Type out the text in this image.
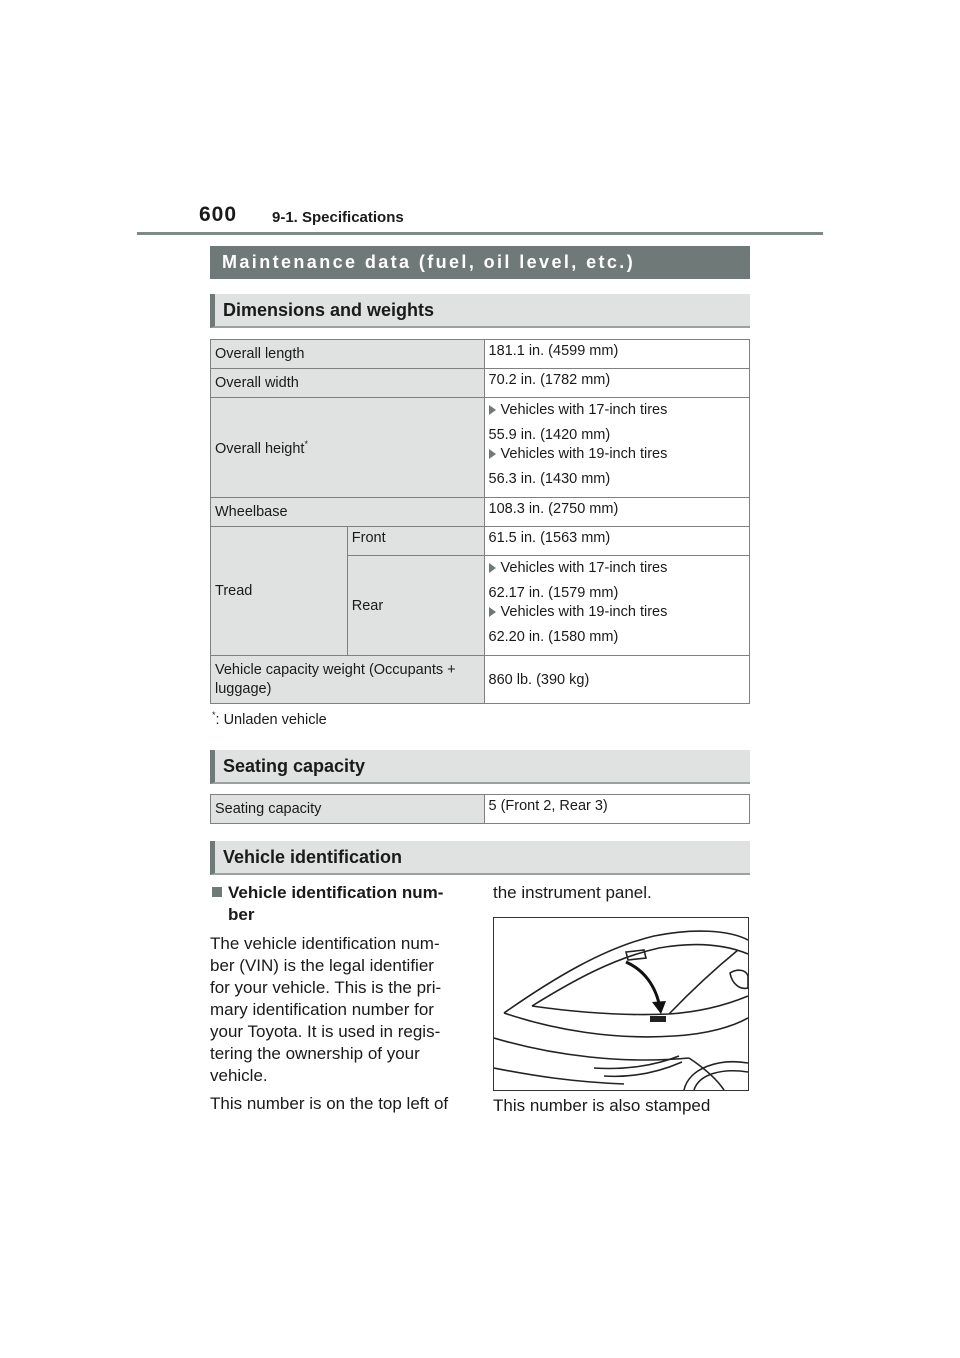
600 9-1. Specifications
Maintenance data (fuel, oil level, etc.)
Dimensions and weights
Overall length		181.1 in. (4599 mm)
Overall width		70.2 in. (1782 mm)
Overall height*		Vehicles with 17-inch tires
55.9 in. (1420 mm)
Vehicles with 19-inch tires
56.3 in. (1430 mm)

Wheelbase		108.3 in. (2750 mm)
Tread	Front	61.5 in. (1563 mm)
	Rear	Vehicles with 17-inch tires
62.17 in. (1579 mm)
Vehicles with 19-inch tires
62.20 in. (1580 mm)

Vehicle capacity weight (Occupants + luggage)		860 lb. (390 kg)
*: Unladen vehicle
Seating capacity
Seating capacity	5 (Front 2, Rear 3)
Vehicle identification
Vehicle identification num-
ber
The vehicle identification num-
ber (VIN) is the legal identifier
for your vehicle. This is the pri-
mary identification number for
your Toyota. It is used in regis-
tering the ownership of your
vehicle.
This number is on the top left of
the instrument panel.
This number is also stamped
